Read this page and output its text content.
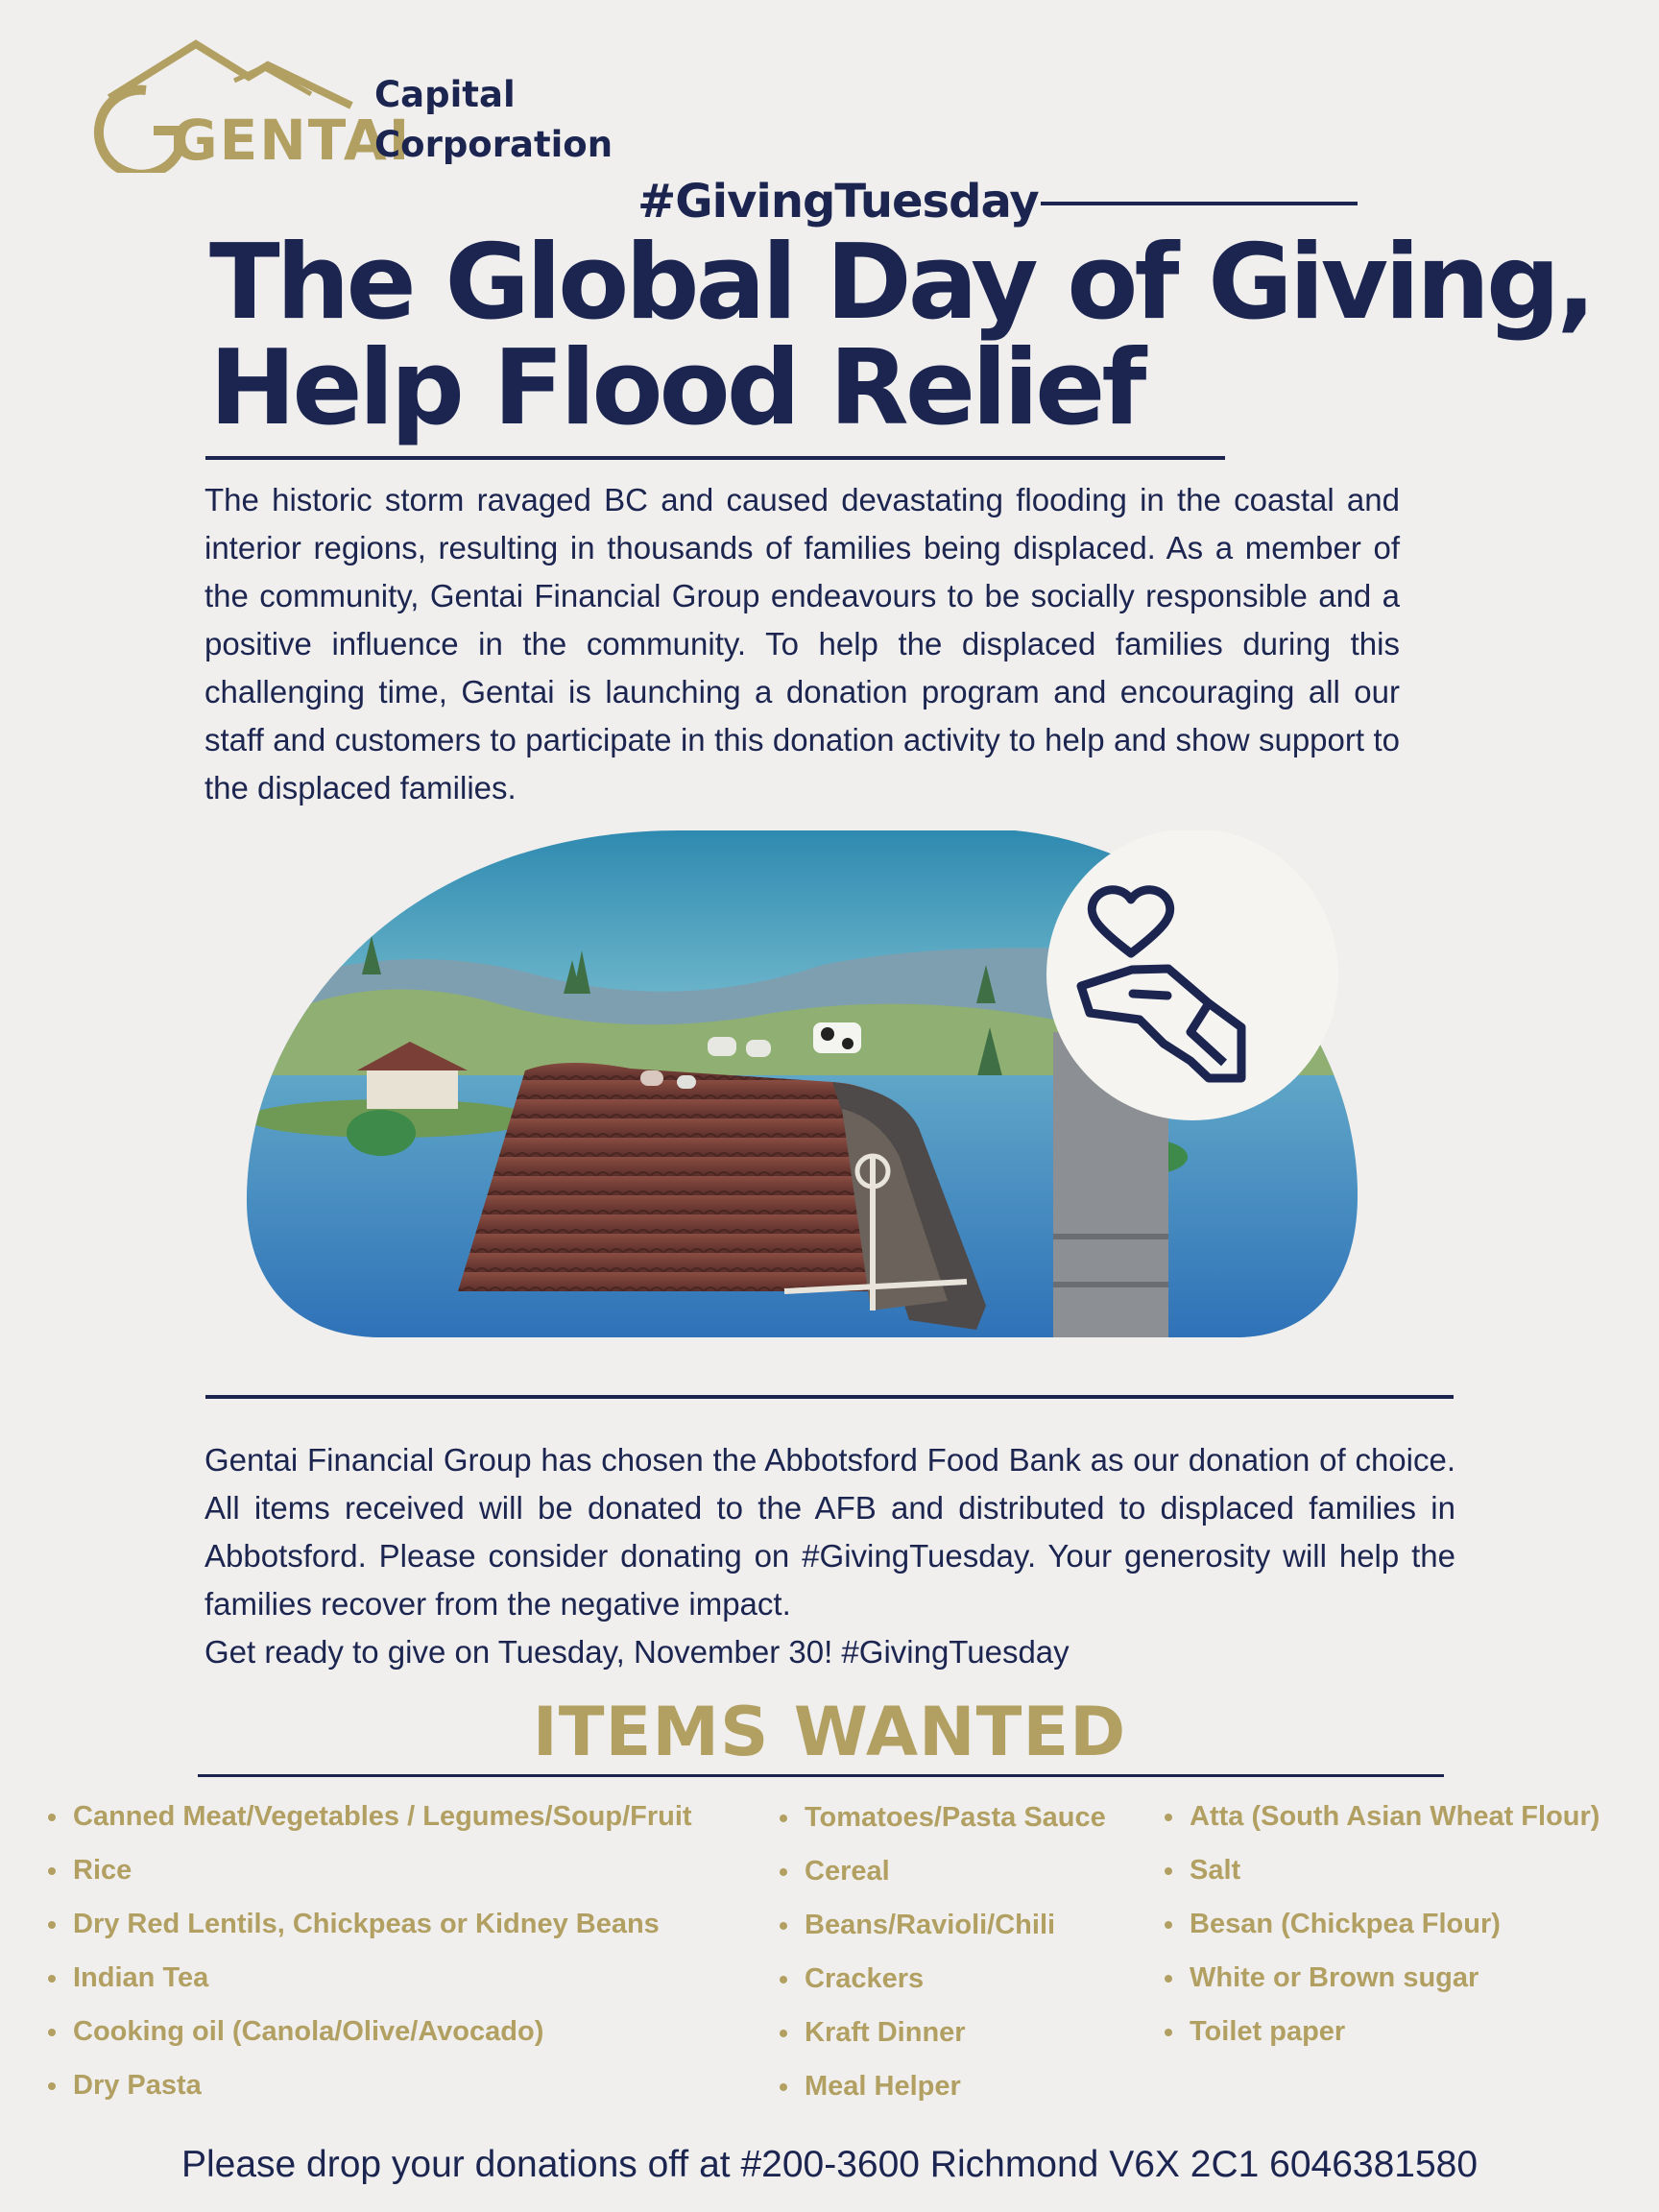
GENTAI
Capital
Corporation
#GivingTuesday
The Global Day of Giving,
Help Flood Relief
The historic storm ravaged BC and caused devastating flooding in the coastal and interior regions, resulting in thousands of families being displaced. As a member of the community, Gentai Financial Group endeavours to be socially responsible and a positive influence in the community. To help the displaced families during this challenging time, Gentai is launching a donation program and encouraging all our staff and customers to participate in this donation activity to help and show support to the displaced families.
Gentai Financial Group has chosen the Abbotsford Food Bank as our donation of choice. All items received will be donated to the AFB and distributed to displaced families in Abbotsford. Please consider donating on #GivingTuesday. Your generosity will help the families recover from the negative impact.
Get ready to give on Tuesday, November 30! #GivingTuesday
ITEMS WANTED
Canned Meat/Vegetables / Legumes/Soup/Fruit
Rice
Dry Red Lentils, Chickpeas or Kidney Beans
Indian Tea
Cooking oil (Canola/Olive/Avocado)
Dry Pasta
Tomatoes/Pasta Sauce
Cereal
Beans/Ravioli/Chili
Crackers
Kraft Dinner
Meal Helper
Atta (South Asian Wheat Flour)
Salt
Besan (Chickpea Flour)
White or Brown sugar
Toilet paper
Please drop your donations off at #200-3600 Richmond V6X 2C1 6046381580
